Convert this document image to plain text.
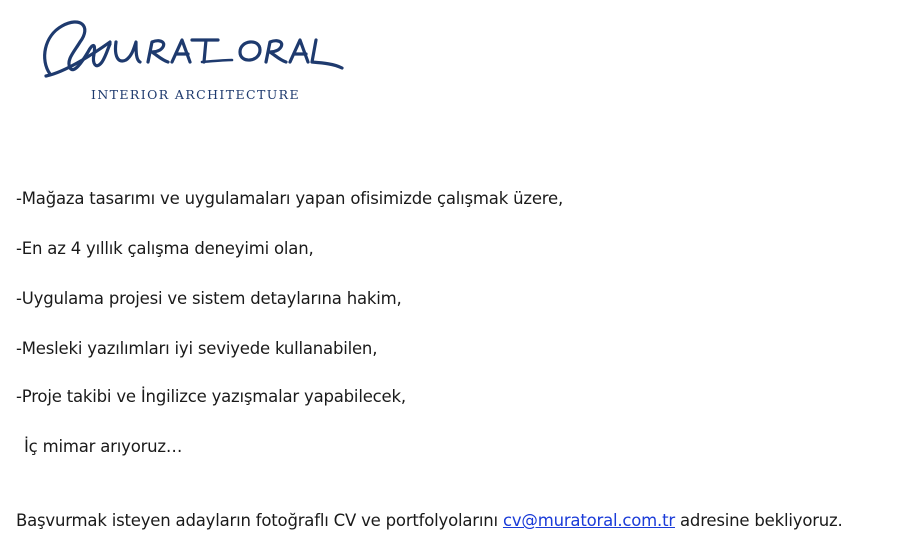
INTERIOR ARCHITECTURE
-Mağaza tasarımı ve uygulamaları yapan ofisimizde çalışmak üzere,
-En az 4 yıllık çalışma deneyimi olan,
-Uygulama projesi ve sistem detaylarına hakim,
-Mesleki yazılımları iyi seviyede kullanabilen,
-Proje takibi ve İngilizce yazışmalar yapabilecek,
İç mimar arıyoruz…
Başvurmak isteyen adayların fotoğraflı CV ve portfolyolarını cv@muratoral.com.tr adresine bekliyoruz.
